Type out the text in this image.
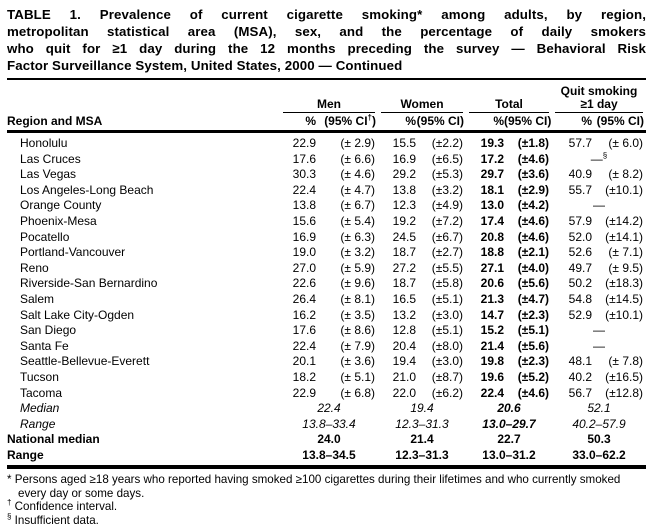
TABLE 1. Prevalence of current cigarette smoking* among adults, by region,
metropolitan statistical area (MSA), sex, and the percentage of daily smokers
who quit for ≥1 day during the 12 months preceding the survey — Behavioral Risk
Factor Surveillance System, United States, 2000 — Continued

	Men		Women		Total		Quit smoking
≥1 day	

Region and MSA	%	(95% CI†)	%	(95% CI)	%	(95% CI)	%	(95% CI)
Honolulu	22.9	(± 2.9)	15.5	(±2.2)	19.3	(±1.8)	57.7	(± 6.0)
Las Cruces	17.6	(± 6.6)	16.9	(±6.5)	17.2	(±4.6)	—§
Las Vegas	30.3	(± 4.6)	29.2	(±5.3)	29.7	(±3.6)	40.9	(± 8.2)
Los Angeles-Long Beach	22.4	(± 4.7)	13.8	(±3.2)	18.1	(±2.9)	55.7	(±10.1)
Orange County	13.8	(± 6.7)	12.3	(±4.9)	13.0	(±4.2)	—	
Phoenix-Mesa	15.6	(± 5.4)	19.2	(±7.2)	17.4	(±4.6)	57.9	(±14.2)
Pocatello	16.9	(± 6.3)	24.5	(±6.7)	20.8	(±4.6)	52.0	(±14.1)
Portland-Vancouver	19.0	(± 3.2)	18.7	(±2.7)	18.8	(±2.1)	52.6	(± 7.1)
Reno	27.0	(± 5.9)	27.2	(±5.5)	27.1	(±4.0)	49.7	(± 9.5)
Riverside-San Bernardino	22.6	(± 9.6)	18.7	(±5.8)	20.6	(±5.6)	50.2	(±18.3)
Salem	26.4	(± 8.1)	16.5	(±5.1)	21.3	(±4.7)	54.8	(±14.5)
Salt Lake City-Ogden	16.2	(± 3.5)	13.2	(±3.0)	14.7	(±2.3)	52.9	(±10.1)
San Diego	17.6	(± 8.6)	12.8	(±5.1)	15.2	(±5.1)	—	
Santa Fe	22.4	(± 7.9)	20.4	(±8.0)	21.4	(±5.6)	—	
Seattle-Bellevue-Everett	20.1	(± 3.6)	19.4	(±3.0)	19.8	(±2.3)	48.1	(± 7.8)
Tucson	18.2	(± 5.1)	21.0	(±8.7)	19.6	(±5.2)	40.2	(±16.5)
Tacoma	22.9	(± 6.8)	22.0	(±6.2)	22.4	(±4.6)	56.7	(±12.8)
Median	22.4		19.4		20.6		52.1	
Range	13.8–33.4		12.3–31.3		13.0–29.7		40.2–57.9	
National median	24.0		21.4		22.7		50.3	
Range	13.8–34.5		12.3–31.3		13.0–31.2		33.0–62.2	
* Persons aged ≥18 years who reported having smoked ≥100 cigarettes during their lifetimes and who currently smoked every day or some days.
† Confidence interval.
§ Insufficient data.
